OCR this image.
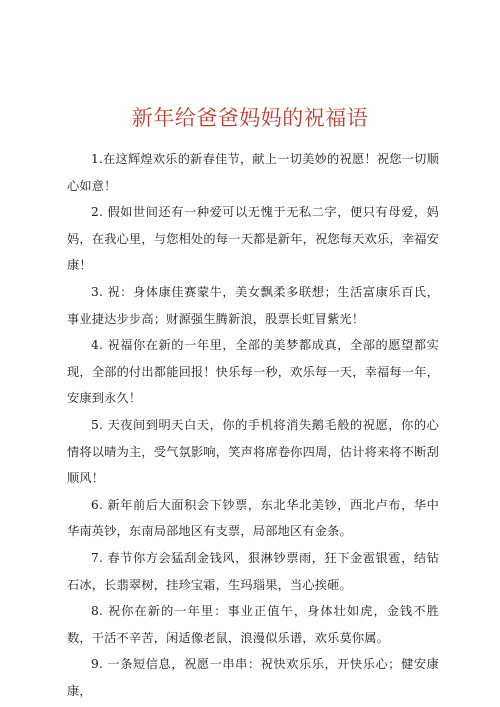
新年给爸爸妈妈的祝福语

1.在这辉煌欢乐的新春佳节，献上一切美妙的祝愿！祝您一切顺心如意！

2. 假如世间还有一种爱可以无愧于无私二字，便只有母爱，妈妈，在我心里，与您相处的每一天都是新年，祝您每天欢乐，幸福安康！

3. 祝：身体康佳赛蒙牛，美女飘柔多联想；生活富康乐百氏，事业捷达步步高；财源强生腾新浪，股票长虹冒紫光！

4. 祝福你在新的一年里，全部的美梦都成真，全部的愿望都实现，全部的付出都能回报！快乐每一秒，欢乐每一天，幸福每一年，安康到永久！

5. 天夜间到明天白天，你的手机将消失鹅毛般的祝愿，你的心情将以晴为主，受气氛影响，笑声将席卷你四周，估计将来将不断刮顺风！

6. 新年前后大面积会下钞票，东北华北美钞，西北卢布，华中华南英钞，东南局部地区有支票，局部地区有金条。

7. 春节你方会猛刮金钱风，狠淋钞票雨，狂下金雹银雹，结钻石冰，长翡翠树，挂珍宝霜，生玛瑙果，当心挨砸。

8. 祝你在新的一年里：事业正值午，身体壮如虎，金钱不胜数，干活不辛苦，闲适像老鼠，浪漫似乐谱，欢乐莫你属。

9. 一条短信息，祝愿一串串：祝快欢乐乐，开快乐心；健安康康，
